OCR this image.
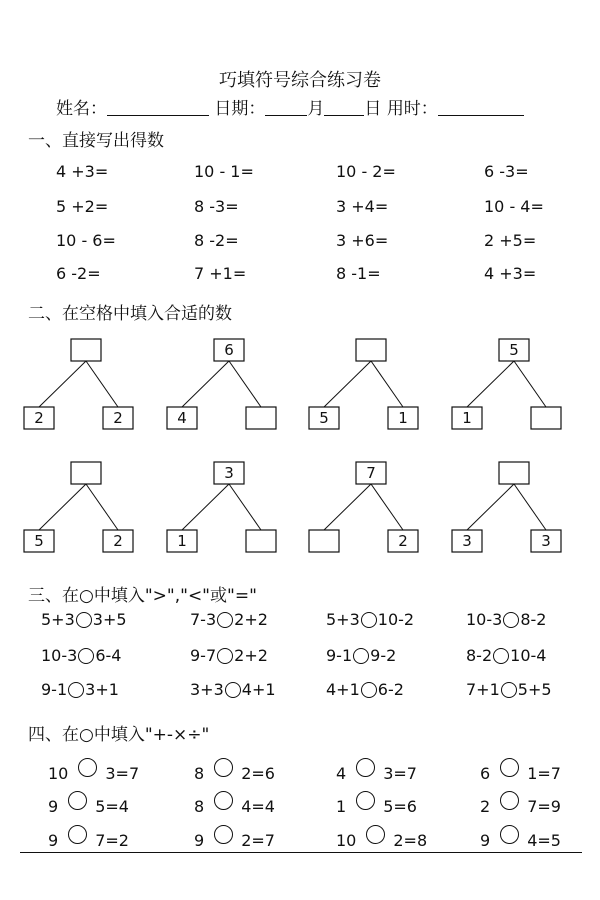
巧填符号综合练习卷
姓名：	日期： 月 日 用时：
一、直接写出得数
4 +3=	10 - 1=	10 - 2=	6 -3=
5 +2=	8 -3=	3 +4=	10 - 4=
10 - 6=	8 -2=	3 +6=	2 +5=
6 -2=	7 +1=	8 -1=	4 +3=
二、在空格中填入合适的数
2	2
6
4	5	1
5
1
5	2
3
1
7
2	3	3
三、在○中填入">","<"或"="
5+3 3+5	7-3 2+2	5+3 10-2	10-3 8-2
10-3 6-4	9-7 2+2	9-1 9-2	8-2 10-4
9-1 3+1	3+3 4+1	4+1 6-2	7+1 5+5
四、在○中填入"+-×÷"
10 3=7	8 2=6	4 3=7	6 1=7
9 5=4	8 4=4	1 5=6	2 7=9
9 7=2	9 2=7	10 2=8	9 4=5
